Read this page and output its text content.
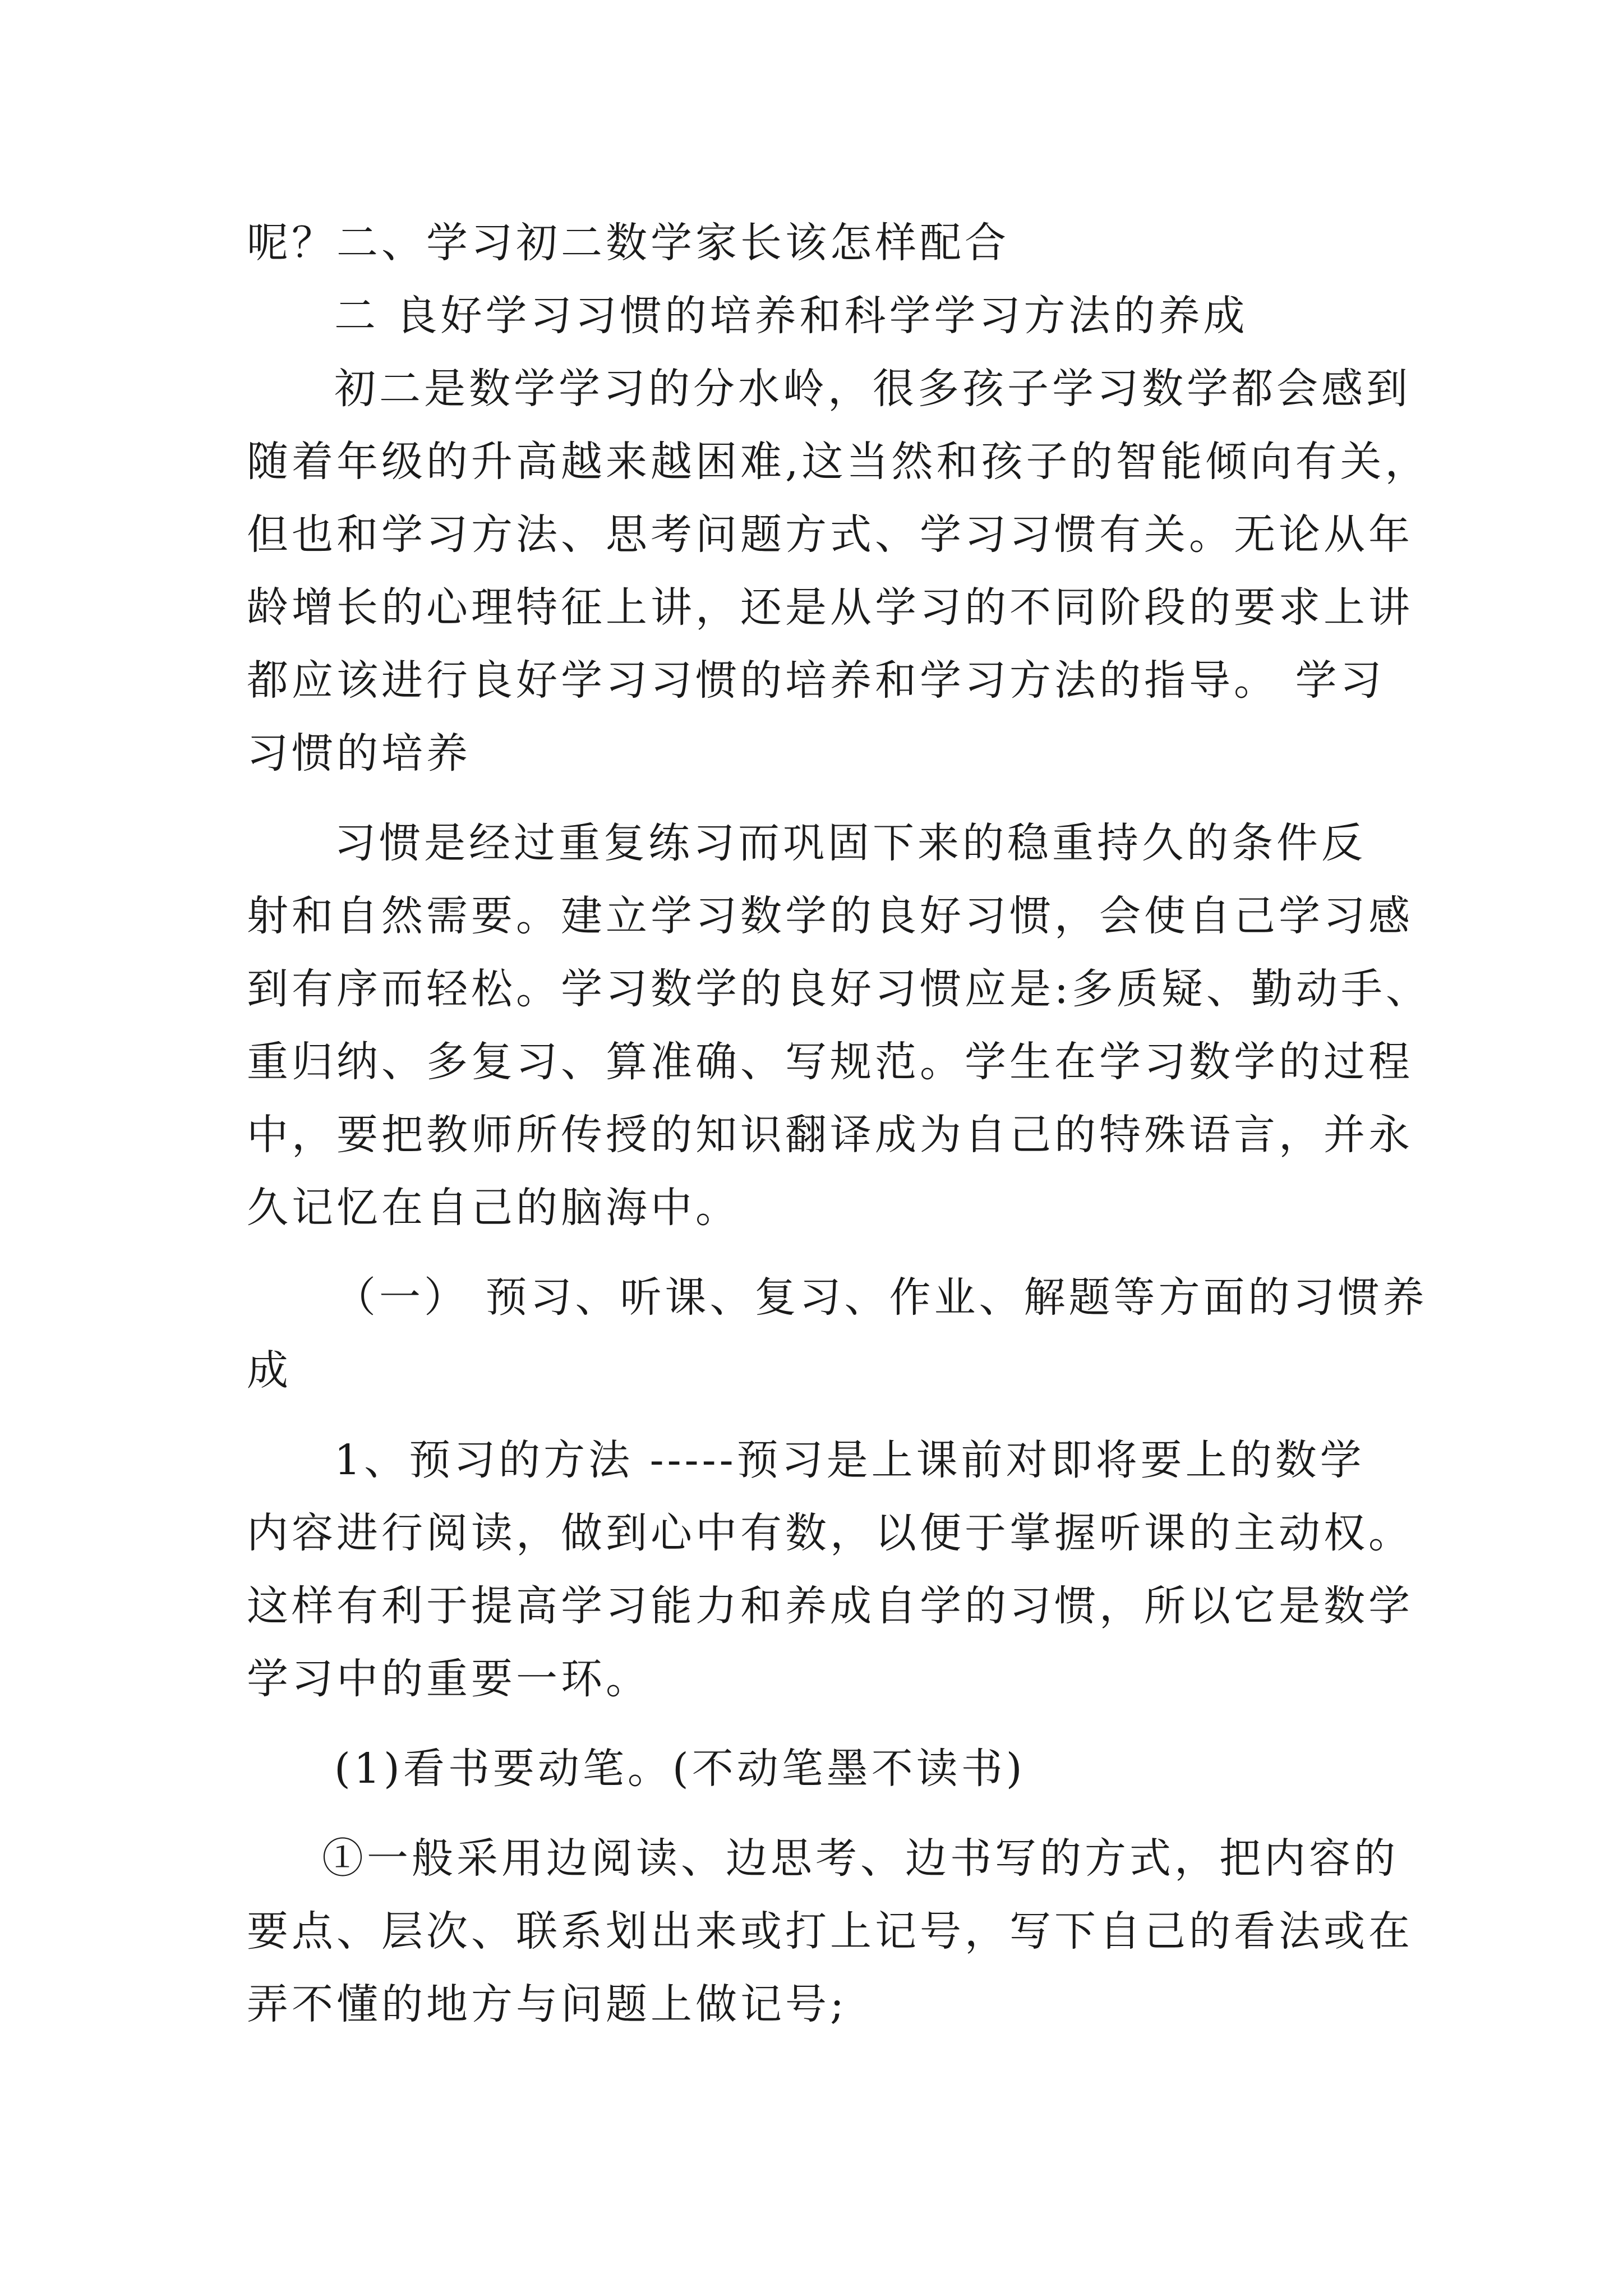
呢？二、学习初二数学家长该怎样配合
二 良好学习习惯的培养和科学学习方法的养成
初二是数学学习的分水岭，很多孩子学习数学都会感到
随着年级的升高越来越困难,这当然和孩子的智能倾向有关，
但也和学习方法、思考问题方式、学习习惯有关。无论从年
龄增长的心理特征上讲，还是从学习的不同阶段的要求上讲
都应该进行良好学习习惯的培养和学习方法的指导。 学习
习惯的培养
习惯是经过重复练习而巩固下来的稳重持久的条件反
射和自然需要。建立学习数学的良好习惯，会使自己学习感
到有序而轻松。学习数学的良好习惯应是:多质疑、勤动手、
重归纳、多复习、算准确、写规范。学生在学习数学的过程
中，要把教师所传授的知识翻译成为自己的特殊语言，并永
久记忆在自己的脑海中。
（一） 预习、听课、复习、作业、解题等方面的习惯养
成
1、预习的方法 -----预习是上课前对即将要上的数学
内容进行阅读，做到心中有数，以便于掌握听课的主动权。
这样有利于提高学习能力和养成自学的习惯，所以它是数学
学习中的重要一环。
(1)看书要动笔。(不动笔墨不读书)
①一般采用边阅读、边思考、边书写的方式，把内容的
要点、层次、联系划出来或打上记号，写下自己的看法或在
弄不懂的地方与问题上做记号;
